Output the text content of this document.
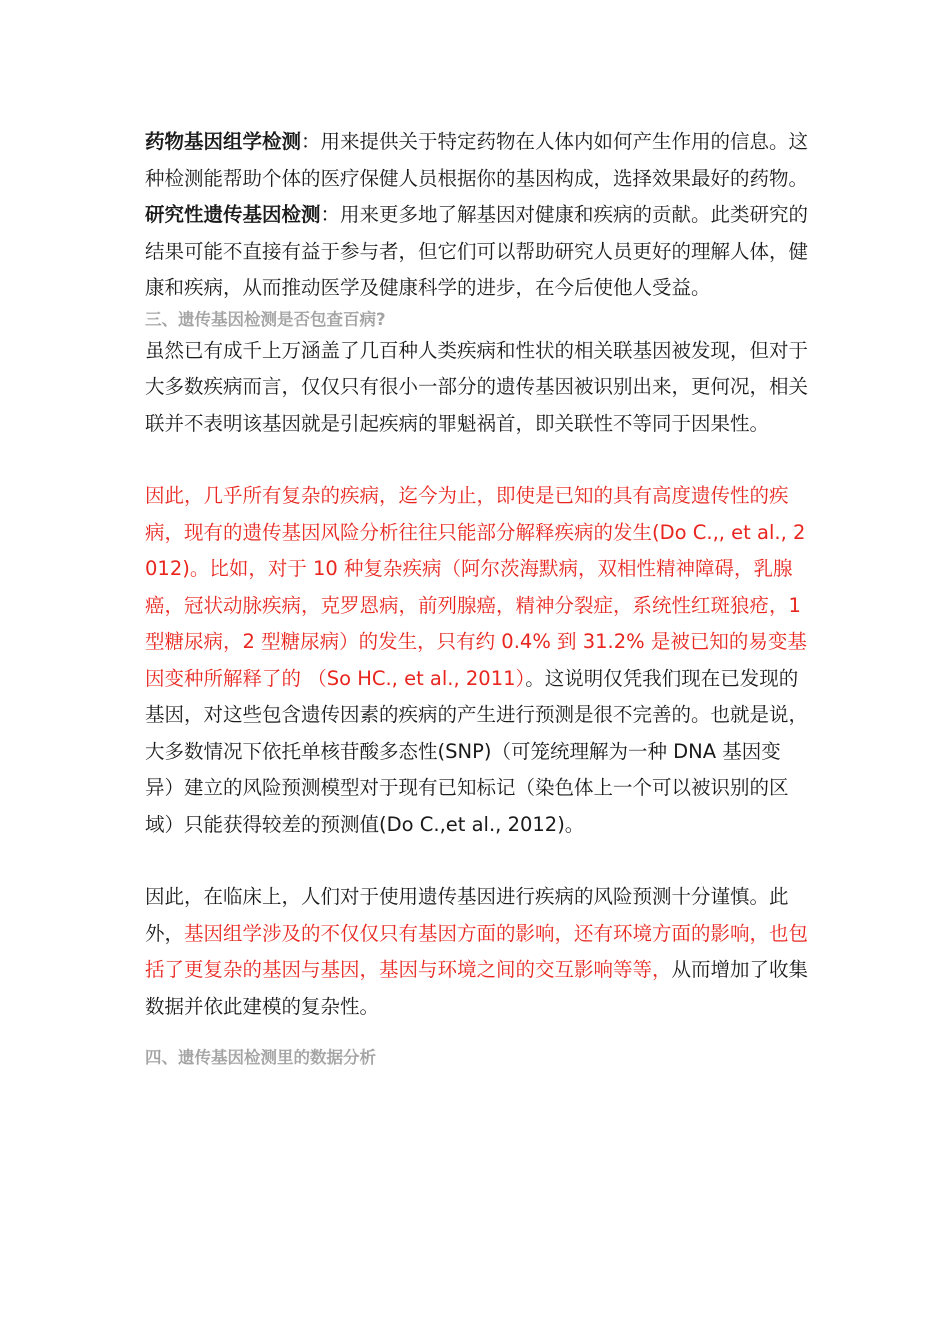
药物基因组学检测：用来提供关于特定药物在人体内如何产生作用的信息。这种检测能帮助个体的医疗保健人员根据你的基因构成，选择效果最好的药物。

研究性遗传基因检测：用来更多地了解基因对健康和疾病的贡献。此类研究的结果可能不直接有益于参与者，但它们可以帮助研究人员更好的理解人体，健康和疾病，从而推动医学及健康科学的进步，在今后使他人受益。

三、遗传基因检测是否包查百病?

虽然已有成千上万涵盖了几百种人类疾病和性状的相关联基因被发现，但对于大多数疾病而言，仅仅只有很小一部分的遗传基因被识别出来，更何况，相关联并不表明该基因就是引起疾病的罪魁祸首，即关联性不等同于因果性。

因此，几乎所有复杂的疾病，迄今为止，即使是已知的具有高度遗传性的疾病，现有的遗传基因风险分析往往只能部分解释疾病的发生(Do C.,, et al., 2012)。比如，对于 10 种复杂疾病（阿尔茨海默病，双相性精神障碍，乳腺癌，冠状动脉疾病，克罗恩病，前列腺癌，精神分裂症，系统性红斑狼疮，1 型糖尿病，2 型糖尿病）的发生，只有约 0.4% 到 31.2% 是被已知的易变基因变种所解释了的 （So HC., et al., 2011）。这说明仅凭我们现在已发现的基因，对这些包含遗传因素的疾病的产生进行预测是很不完善的。也就是说，大多数情况下依托单核苷酸多态性(SNP)（可笼统理解为一种 DNA 基因变异）建立的风险预测模型对于现有已知标记（染色体上一个可以被识别的区域）只能获得较差的预测值(Do C.,et al., 2012)。

因此，在临床上，人们对于使用遗传基因进行疾病的风险预测十分谨慎。此外，基因组学涉及的不仅仅只有基因方面的影响，还有环境方面的影响，也包括了更复杂的基因与基因，基因与环境之间的交互影响等等，从而增加了收集数据并依此建模的复杂性。

四、遗传基因检测里的数据分析
